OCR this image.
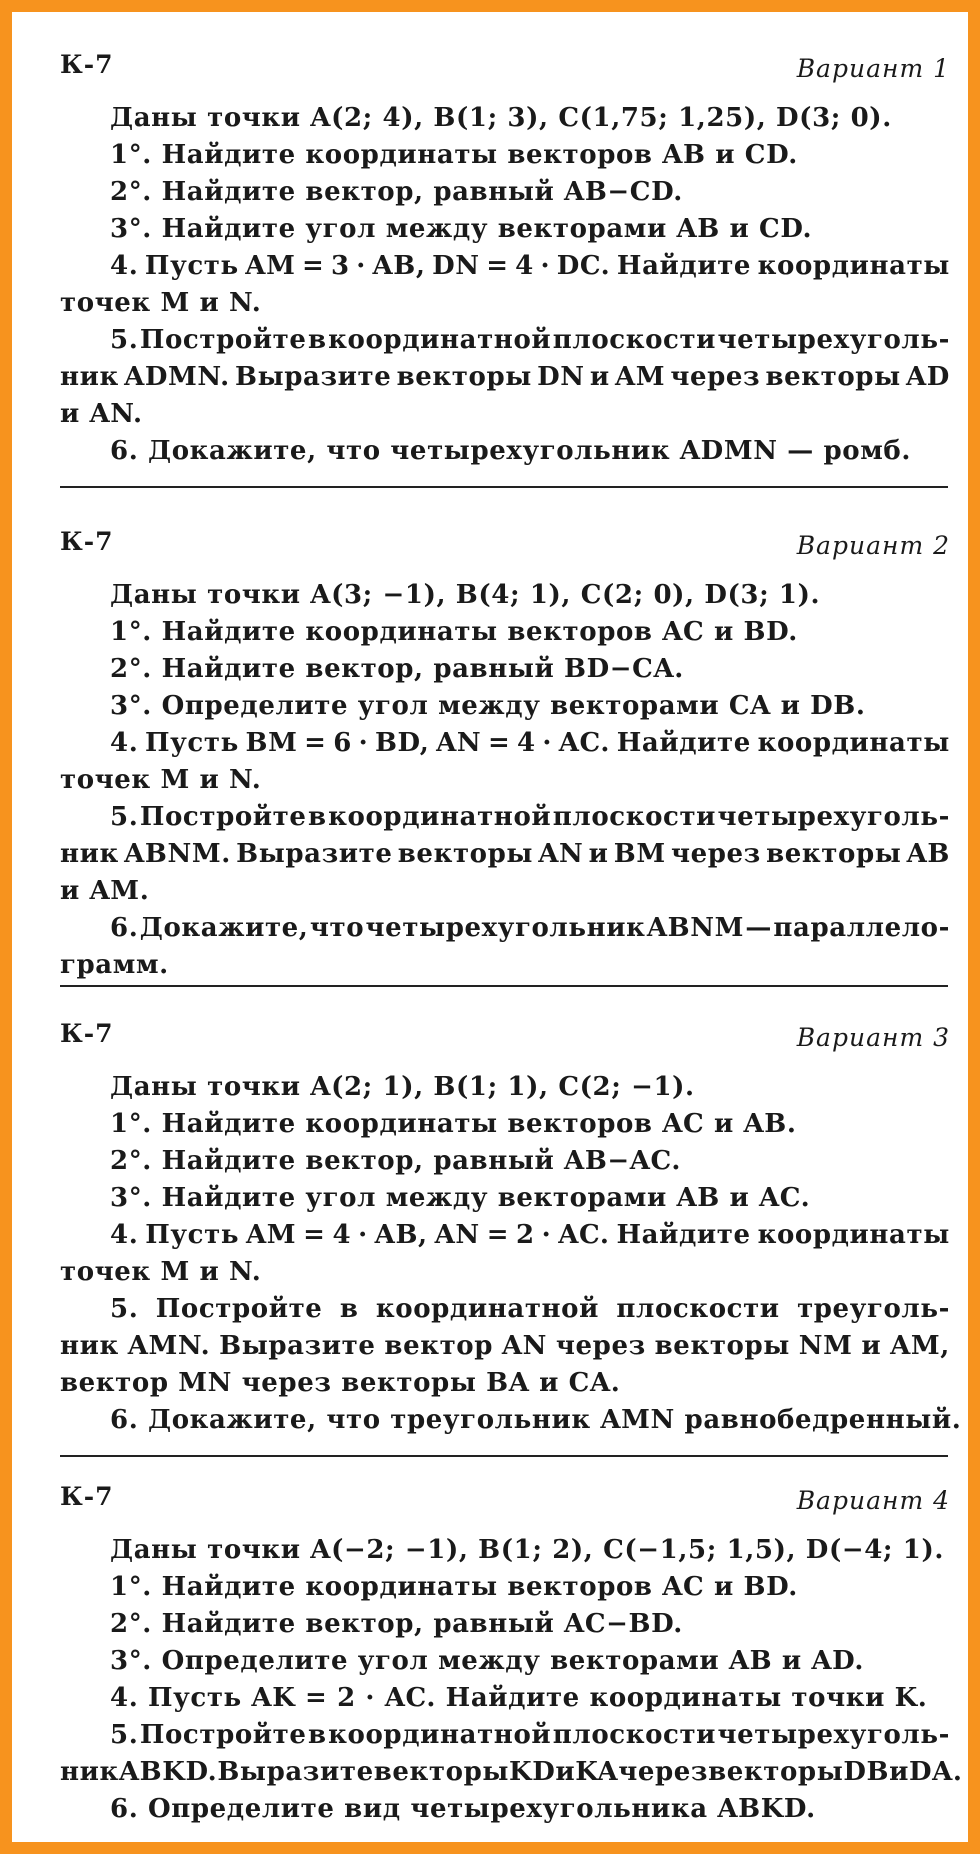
К-7	Вариант 1
Даны точки A(2; 4), B(1; 3), C(1,75; 1,25), D(3; 0).
1°. Найдите координаты векторов AB и CD.
2°. Найдите вектор, равный AB−CD.
3°. Найдите угол между векторами AB и CD.
4. Пусть AM = 3 · AB, DN = 4 · DC. Найдите координаты
точек M и N.
5. Постройте в координатной плоскости четырехуголь-
ник ADMN. Выразите векторы DN и AM через векторы AD
и AN.
6. Докажите, что четырехугольник ADMN — ромб.
К-7	Вариант 2
Даны точки A(3; −1), B(4; 1), C(2; 0), D(3; 1).
1°. Найдите координаты векторов AC и BD.
2°. Найдите вектор, равный BD−CA.
3°. Определите угол между векторами CA и DB.
4. Пусть BM = 6 · BD, AN = 4 · AC. Найдите координаты
точек M и N.
5. Постройте в координатной плоскости четырехуголь-
ник ABNM. Выразите векторы AN и BM через векторы AB
и AM.
6. Докажите, что четырехугольник ABNM — параллело-
грамм.
К-7	Вариант 3
Даны точки A(2; 1), B(1; 1), C(2; −1).
1°. Найдите координаты векторов AC и AB.
2°. Найдите вектор, равный AB−AC.
3°. Найдите угол между векторами AB и AC.
4. Пусть AM = 4 · AB, AN = 2 · AC. Найдите координаты
точек M и N.
5. Постройте в координатной плоскости треуголь-
ник AMN. Выразите вектор AN через векторы NM и AM,
вектор MN через векторы BA и CA.
6. Докажите, что треугольник AMN равнобедренный.
К-7	Вариант 4
Даны точки A(−2; −1), B(1; 2), C(−1,5; 1,5), D(−4; 1).
1°. Найдите координаты векторов AC и BD.
2°. Найдите вектор, равный AC−BD.
3°. Определите угол между векторами AB и AD.
4. Пусть AK = 2 · AC. Найдите координаты точки K.
5. Постройте в координатной плоскости четырехуголь-
ник ABKD. Выразите векторы KD и KA через векторы DB и DA.
6. Определите вид четырехугольника ABKD.
